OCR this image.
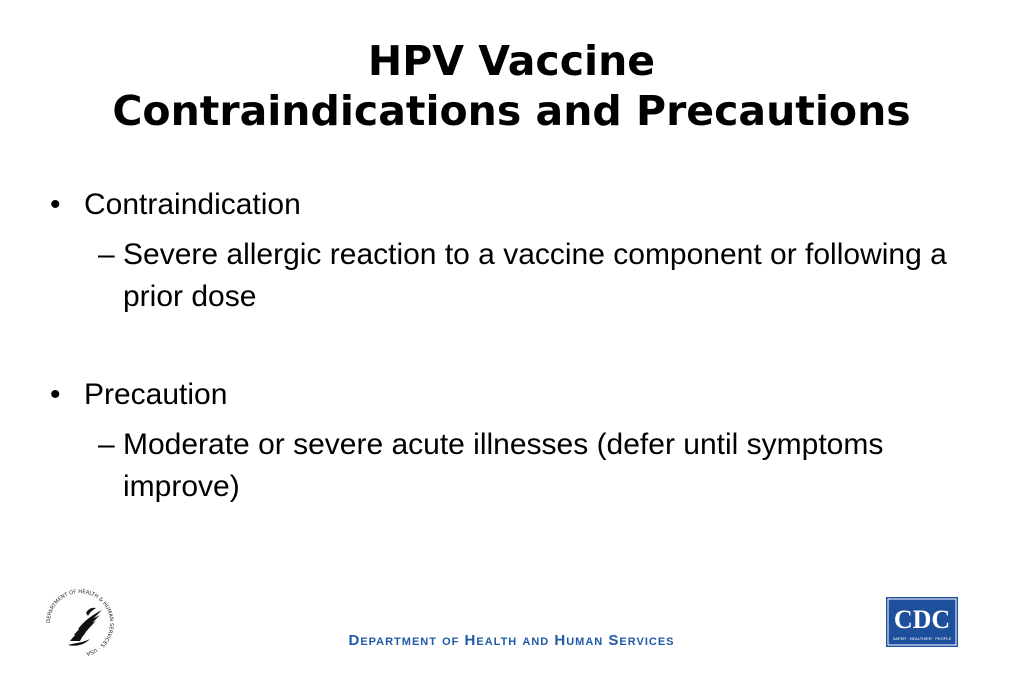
HPV Vaccine
Contraindications and Precautions
• Contraindication
– Severe allergic reaction to a vaccine component or following a prior dose
• Precaution
– Moderate or severe acute illnesses (defer until symptoms improve)
DEPARTMENT OF HEALTH & HUMAN SERVICES · USA
CDC
SAFER · HEALTHIER · PEOPLE
Department of Health and Human Services
